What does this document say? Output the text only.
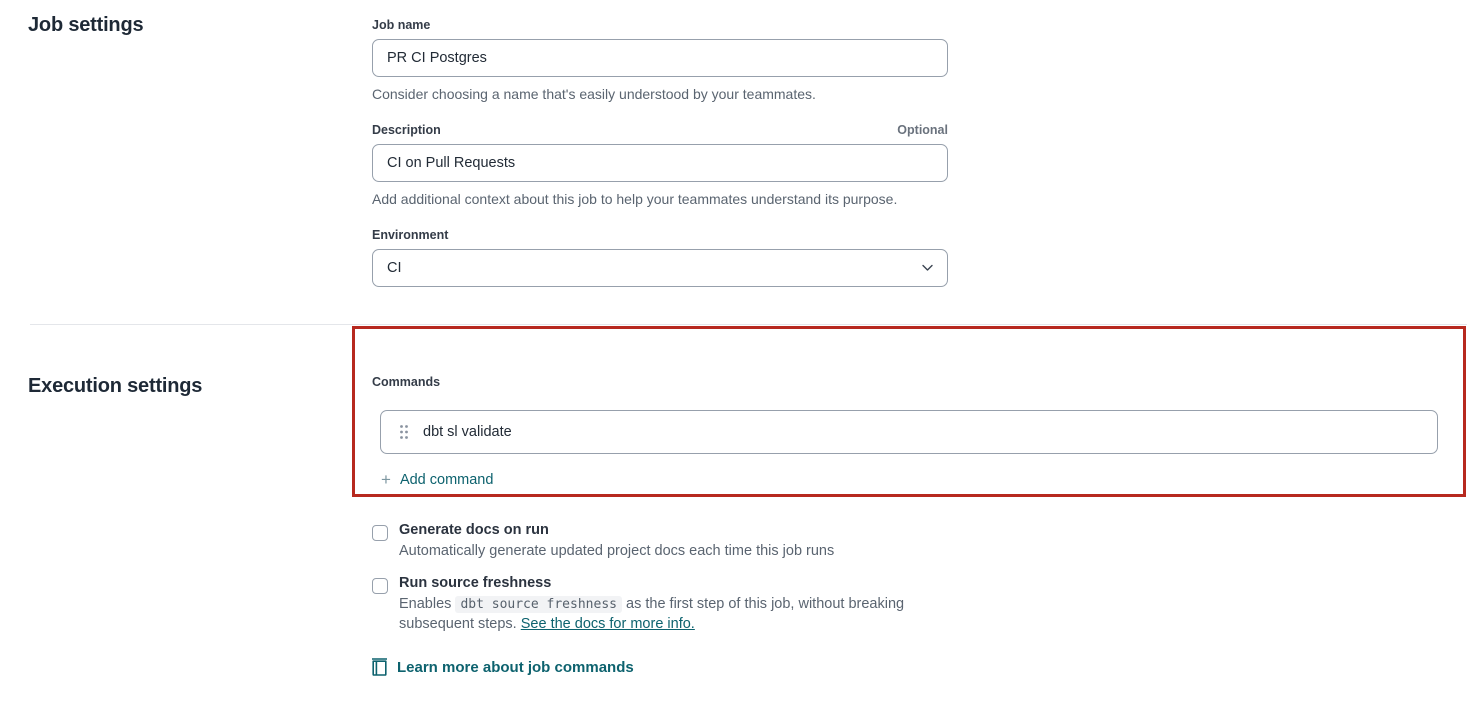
Job settings	Job name
PR CI Postgres
Consider choosing a name that's easily understood by your teammates.
Description	Optional
CI on Pull Requests
Add additional context about this job to help your teammates understand its purpose.
Environment
CI
Execution settings	Commands
dbt sl validate
+ Add command
Generate docs on run
Automatically generate updated project docs each time this job runs
Run source freshness
Enables dbt source freshness as the first step of this job, without breaking subsequent steps. See the docs for more info.
Learn more about job commands
